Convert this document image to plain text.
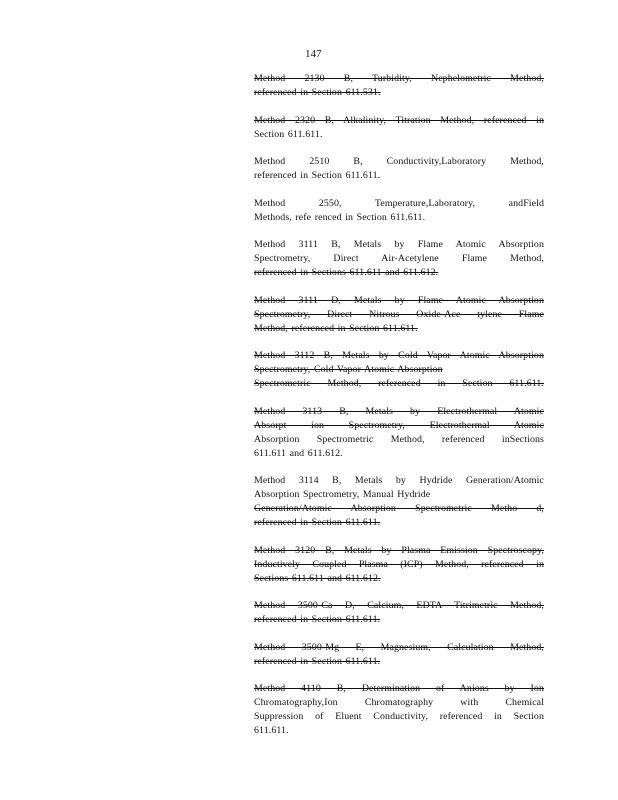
147
Method 2130 B, Turbidity, Nephelometric Method,
referenced in Section 611.531.
Method 2320 B, Alkalinity, Titration Method, referenced in
Section 611.611.
Method 2510 B, Conductivity,Laboratory Method,
referenced in Section 611.611.
Method 2550, Temperature,Laboratory, andField
Methods, refe renced in Section 611.611.
Method 3111 B, Metals by Flame Atomic Absorption
Spectrometry, Direct Air-Acetylene Flame Method,
referenced in Sections 611.611 and 611.612.
Method 3111 D, Metals by Flame Atomic Absorption
Spectrometry, Direct Nitrous Oxide-Ace tylene Flame
Method, referenced in Section 611.611.
Method 3112 B, Metals by Cold Vapor Atomic Absorption
Spectrometry, Cold Vapor Atomic Absorption
Spectrometric Method, referenced in Section 611.611.
Method 3113 B, Metals by Electrothermal Atomic
Absorpt ion Spectrometry, Electrothermal Atomic
Absorption Spectrometric Method, referenced inSections
611.611 and 611.612.
Method 3114 B, Metals by Hydride Generation/Atomic
Absorption Spectrometry, Manual Hydride
Generation/Atomic Absorption Spectrometric Metho d,
referenced in Section 611.611.
Method 3120 B, Metals by Plasma Emission Spectroscopy,
Inductively Coupled Plasma (ICP) Method, referenced in
Sections 611.611 and 611.612.
Method 3500-Ca D, Calcium, EDTA Titrimetric Method,
referenced in Section 611.611.
Method 3500-Mg E, Magnesium, Calculation Method,
referenced in Section 611.611.
Method 4110 B, Determination of Anions by Ion
Chromatography,Ion Chromatography with Chemical
Suppression of Eluent Conductivity, referenced in Section
611.611.
